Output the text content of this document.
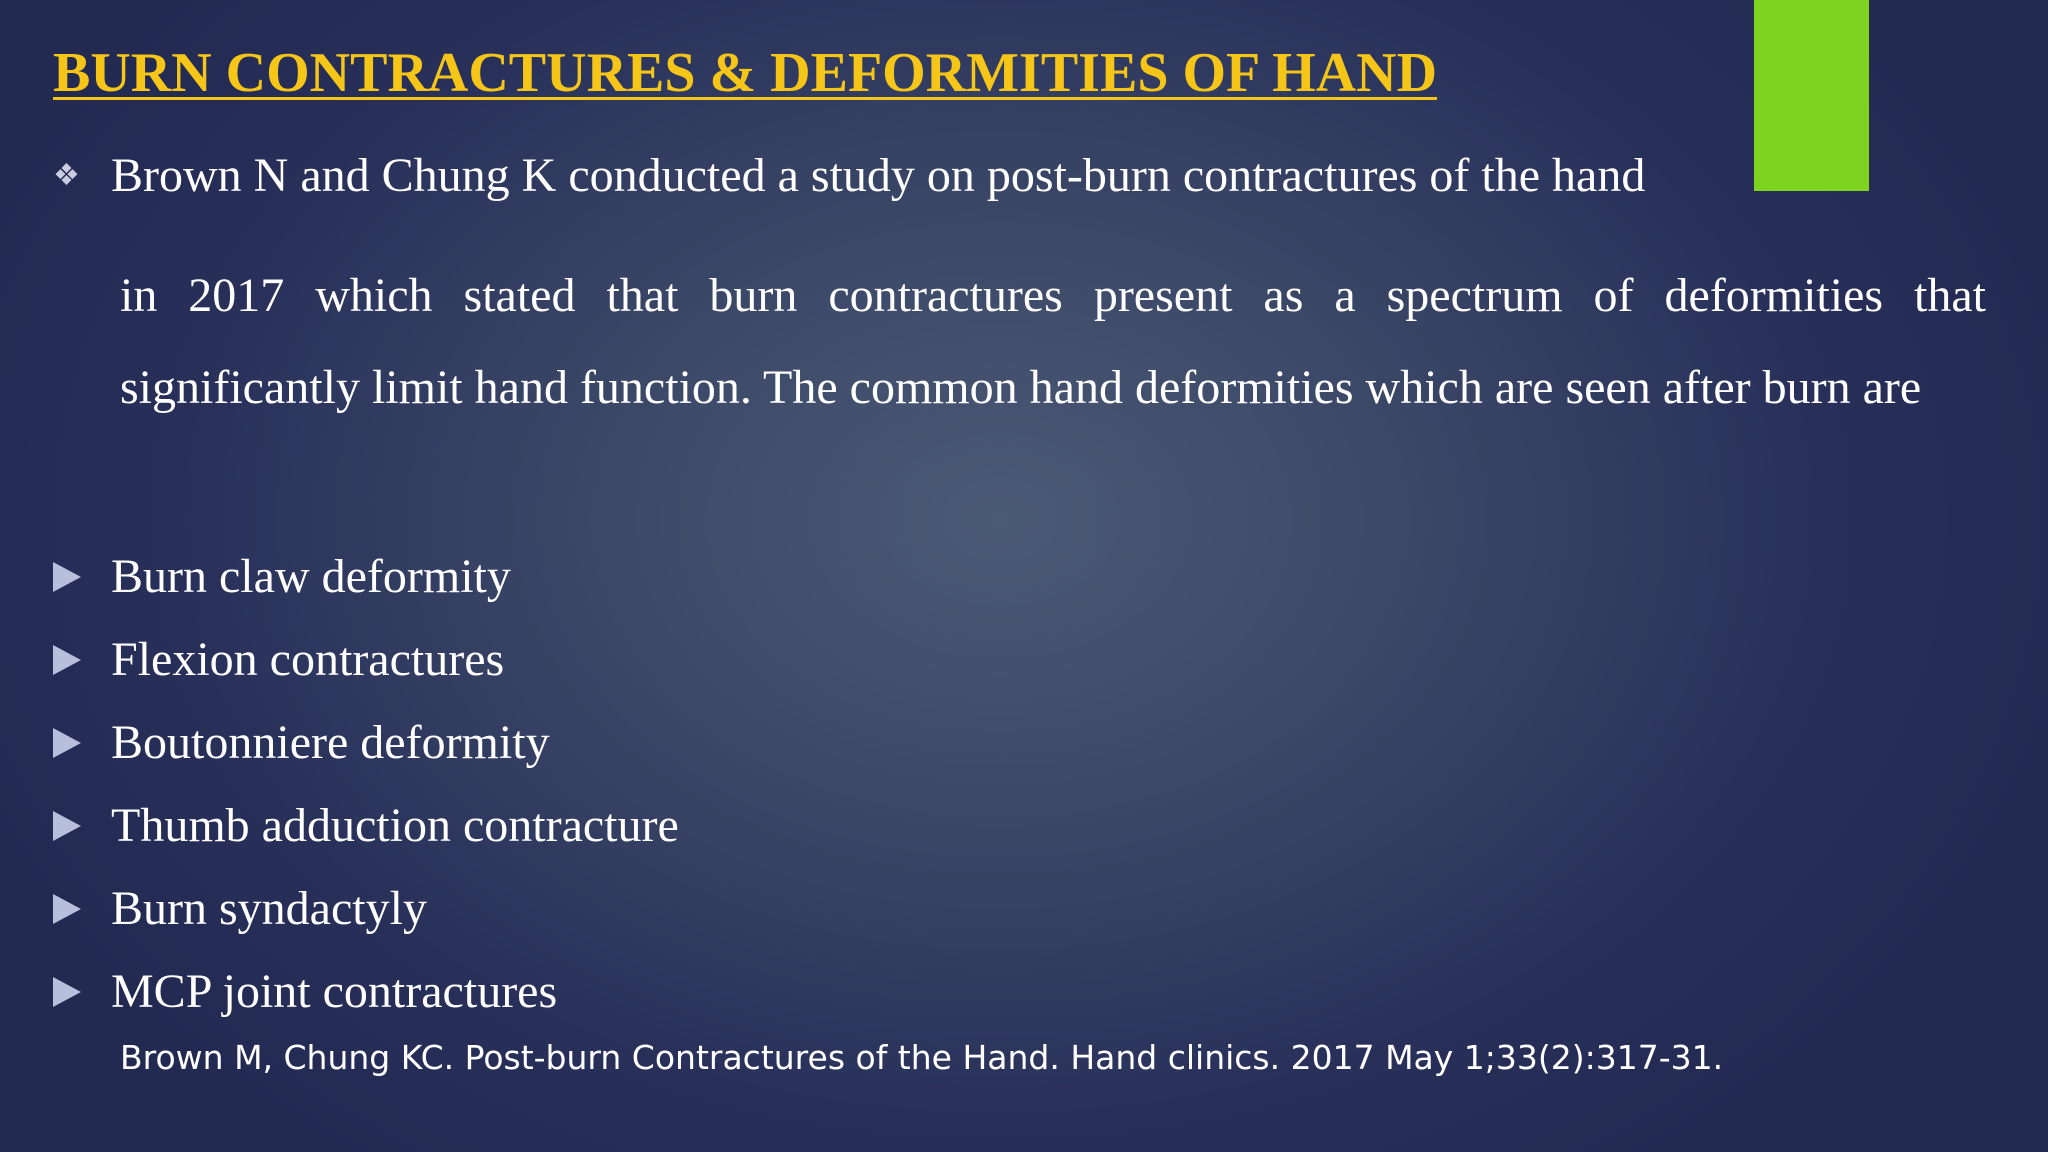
BURN CONTRACTURES & DEFORMITIES OF HAND
❖ Brown N and Chung K conducted a study on post-burn contractures of the hand

in 2017 which stated that burn contractures present as a spectrum of deformities that significantly limit hand function. The common hand deformities which are seen after burn are

Burn claw deformity
Flexion contractures
Boutonniere deformity
Thumb adduction contracture
Burn syndactyly
MCP joint contractures

Brown M, Chung KC. Post-burn Contractures of the Hand. Hand clinics. 2017 May 1;33(2):317-31.
